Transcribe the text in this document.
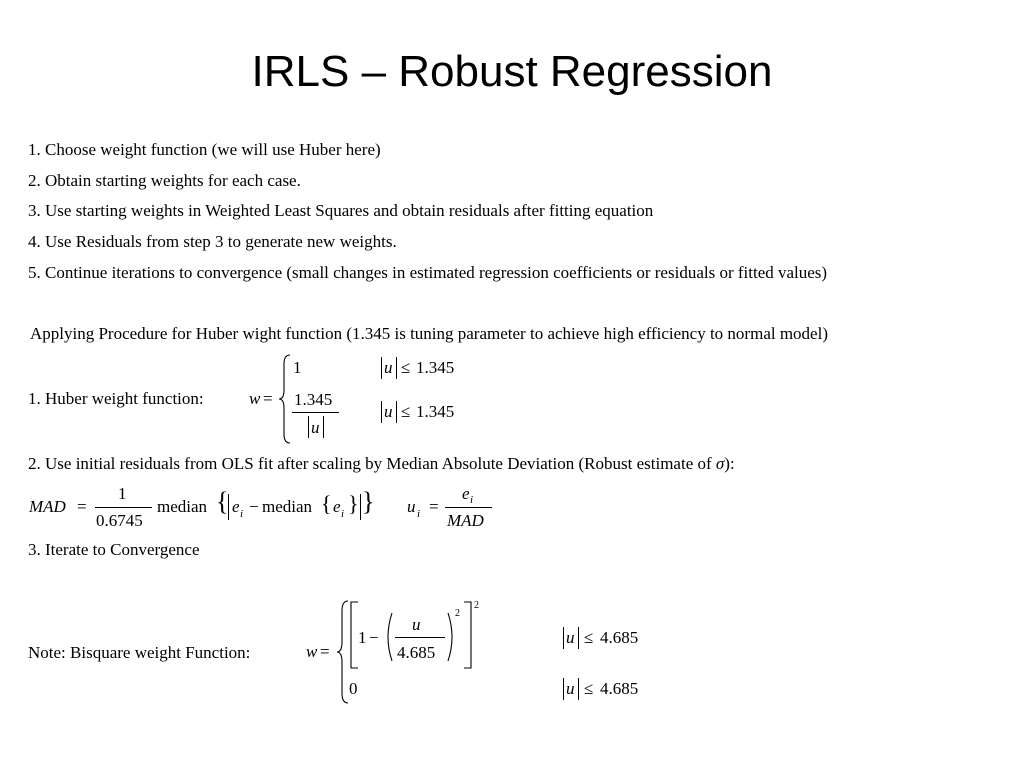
IRLS – Robust Regression
1. Choose weight function (we will use Huber here)
2. Obtain starting weights for each case.
3. Use starting weights in Weighted Least Squares and obtain residuals after fitting equation
4. Use Residuals from step 3 to generate new weights.
5. Continue iterations to convergence (small changes in estimated regression coefficients or residuals or fitted values)
Applying Procedure for Huber wight function (1.345 is tuning parameter to achieve high efficiency to normal model)
1. Huber weight function:	w =
1	u ≤ 1.345
1.345
u
u ≤ 1.345
2. Use initial residuals from OLS fit after scaling by Median Absolute Deviation (Robust estimate of σ):
MAD =
1
0.6745
median { e i − median { e i } } u i =
e i
MAD
3. Iterate to Convergence
Note: Bisquare weight Function:	w =
1 −
u
4.685
2
2
u ≤ 4.685
0	u ≤ 4.685
